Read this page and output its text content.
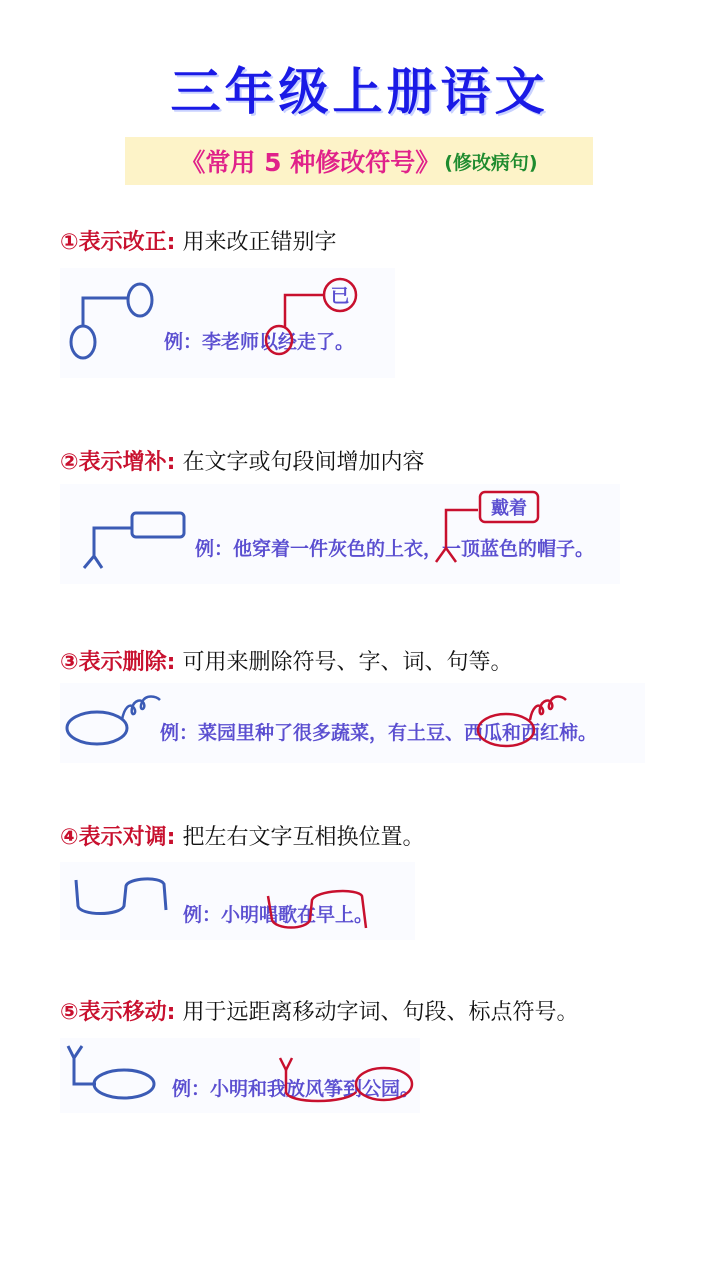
三年级上册语文
《常用 5 种修改符号》 (修改病句)
①表示改正: 用来改正错别字
例：李老师以经走了。
已
②表示增补: 在文字或句段间增加内容
例：他穿着一件灰色的上衣，一顶蓝色的帽子。
戴着
③表示删除: 可用来删除符号、字、词、句等。
例：菜园里种了很多蔬菜，有土豆、西瓜和西红柿。
④表示对调: 把左右文字互相换位置。
例：小明唱歌在早上。
⑤表示移动: 用于远距离移动字词、句段、标点符号。
例：小明和我放风筝到公园。
